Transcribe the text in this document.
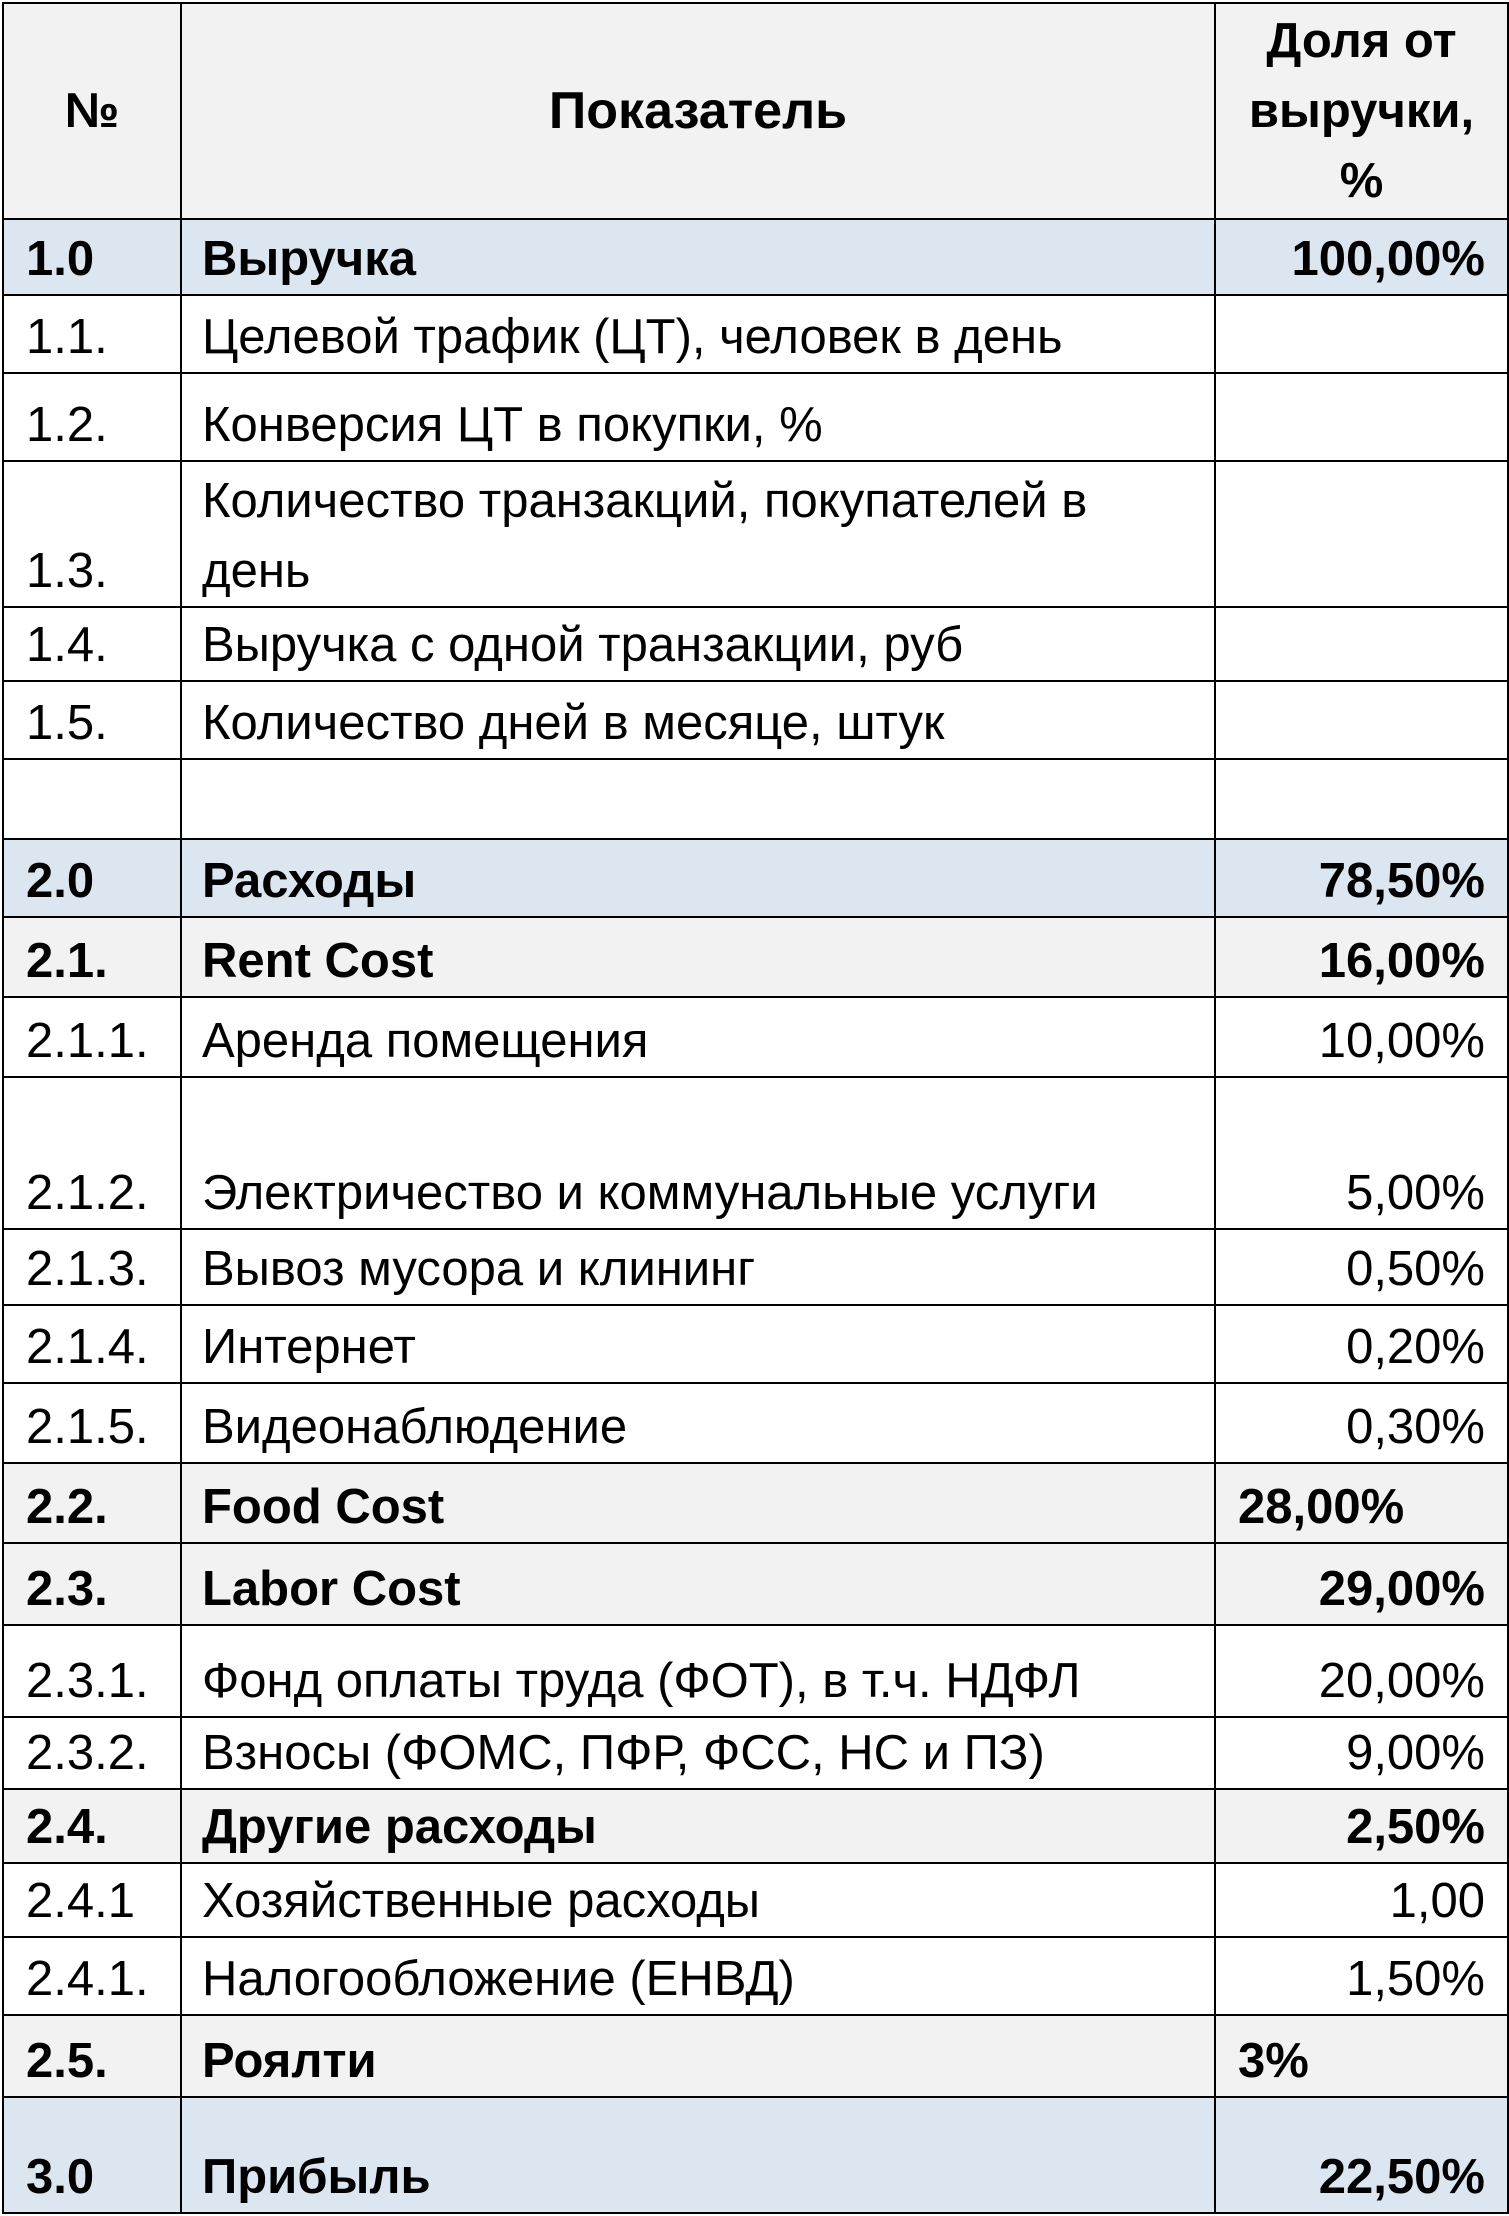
№	Показатель	Доля от выручки, %
1.0	Выручка	100,00%
1.1.	Целевой трафик (ЦТ), человек в день	
1.2.	Конверсия ЦТ в покупки, %	
1.3.	Количество транзакций, покупателей в день	
1.4.	Выручка с одной транзакции, руб	
1.5.	Количество дней в месяце, штук	

2.0	Расходы	78,50%
2.1.	Rent Cost	16,00%
2.1.1.	Аренда помещения	10,00%
2.1.2.	Электричество и коммунальные услуги	5,00%
2.1.3.	Вывоз мусора и клининг	0,50%
2.1.4.	Интернет	0,20%
2.1.5.	Видеонаблюдение	0,30%
2.2.	Food Cost	28,00%
2.3.	Labor Cost	29,00%
2.3.1.	Фонд оплаты труда (ФОТ), в т.ч. НДФЛ	20,00%
2.3.2.	Взносы (ФОМС, ПФР, ФСС, НС и ПЗ)	9,00%
2.4.	Другие расходы	2,50%
2.4.1	Хозяйственные расходы	1,00
2.4.1.	Налогообложение (ЕНВД)	1,50%
2.5.	Роялти	3%
3.0	Прибыль	22,50%
